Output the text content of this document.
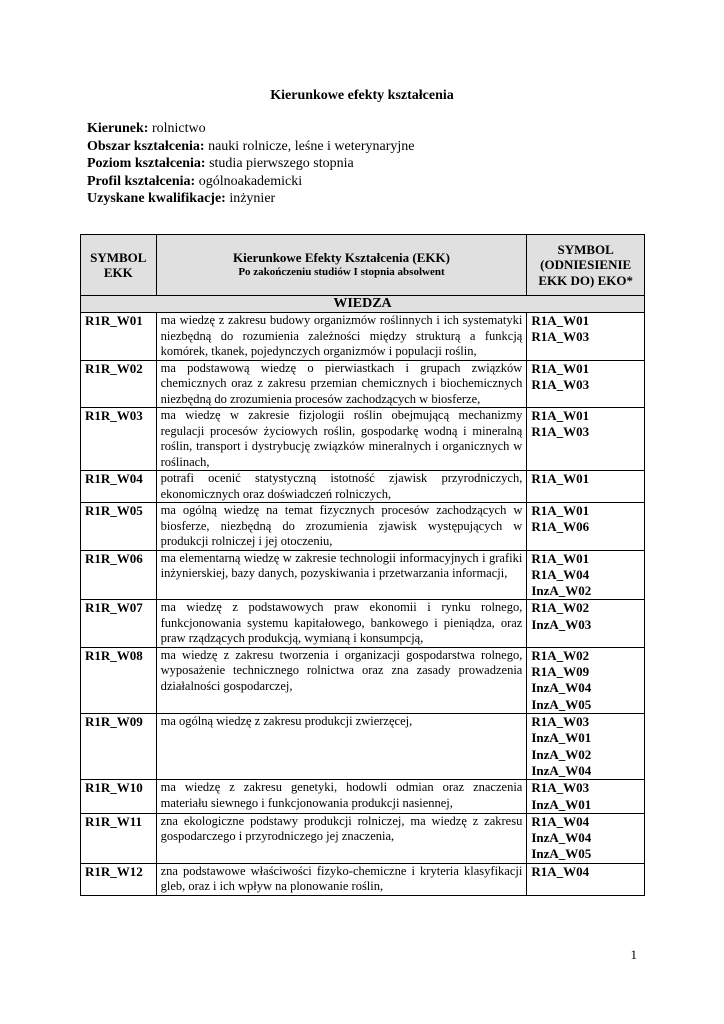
Kierunkowe efekty kształcenia
Kierunek: rolnictwo
Obszar kształcenia: nauki rolnicze, leśne i weterynaryjne
Poziom kształcenia: studia pierwszego stopnia
Profil kształcenia: ogólnoakademicki
Uzyskane kwalifikacje: inżynier
SYMBOL EKK	Kierunkowe Efekty Kształcenia (EKK)
Po zakończeniu studiów I stopnia absolwent	SYMBOL (ODNIESIENIE EKK DO) EKO*
WIEDZA		
R1R_W01	ma wiedzę z zakresu budowy organizmów roślinnych i ich systematyki niezbędną do rozumienia zależności między strukturą a funkcją komórek, tkanek, pojedynczych organizmów i populacji roślin,	R1A_W01
R1A_W03

R1R_W02	ma podstawową wiedzę o pierwiastkach i grupach związków chemicznych oraz z zakresu przemian chemicznych i biochemicznych niezbędną do zrozumienia procesów zachodzących w biosferze,	R1A_W01
R1A_W03

R1R_W03	ma wiedzę w zakresie fizjologii roślin obejmującą mechanizmy regulacji procesów życiowych roślin, gospodarkę wodną i mineralną roślin, transport i dystrybucję związków mineralnych i organicznych w roślinach,	R1A_W01
R1A_W03

R1R_W04	potrafi ocenić statystyczną istotność zjawisk przyrodniczych, ekonomicznych oraz doświadczeń rolniczych,	R1A_W01

R1R_W05	ma ogólną wiedzę na temat fizycznych procesów zachodzących w biosferze, niezbędną do zrozumienia zjawisk występujących w produkcji rolniczej i jej otoczeniu,	R1A_W01
R1A_W06

R1R_W06	ma elementarną wiedzę w zakresie technologii informacyjnych i grafiki inżynierskiej, bazy danych, pozyskiwania i przetwarzania informacji,	R1A_W01
R1A_W04
InzA_W02

R1R_W07	ma wiedzę z podstawowych praw ekonomii i rynku rolnego, funkcjonowania systemu kapitałowego, bankowego i pieniądza, oraz praw rządzących produkcją, wymianą i konsumpcją,	R1A_W02
InzA_W03

R1R_W08	ma wiedzę z zakresu tworzenia i organizacji gospodarstwa rolnego, wyposażenie technicznego rolnictwa oraz zna zasady prowadzenia działalności gospodarczej,	R1A_W02
R1A_W09
InzA_W04
InzA_W05

R1R_W09	ma ogólną wiedzę z zakresu produkcji zwierzęcej,	R1A_W03
InzA_W01
InzA_W02
InzA_W04

R1R_W10	ma wiedzę z zakresu genetyki, hodowli odmian oraz znaczenia materiału siewnego i funkcjonowania produkcji nasiennej,	R1A_W03
InzA_W01

R1R_W11	zna ekologiczne podstawy produkcji rolniczej, ma wiedzę z zakresu gospodarczego i przyrodniczego jej znaczenia,	R1A_W04
InzA_W04
InzA_W05

R1R_W12	zna podstawowe właściwości fizyko-chemiczne i kryteria klasyfikacji gleb, oraz i ich wpływ na plonowanie roślin,	R1A_W04
1
